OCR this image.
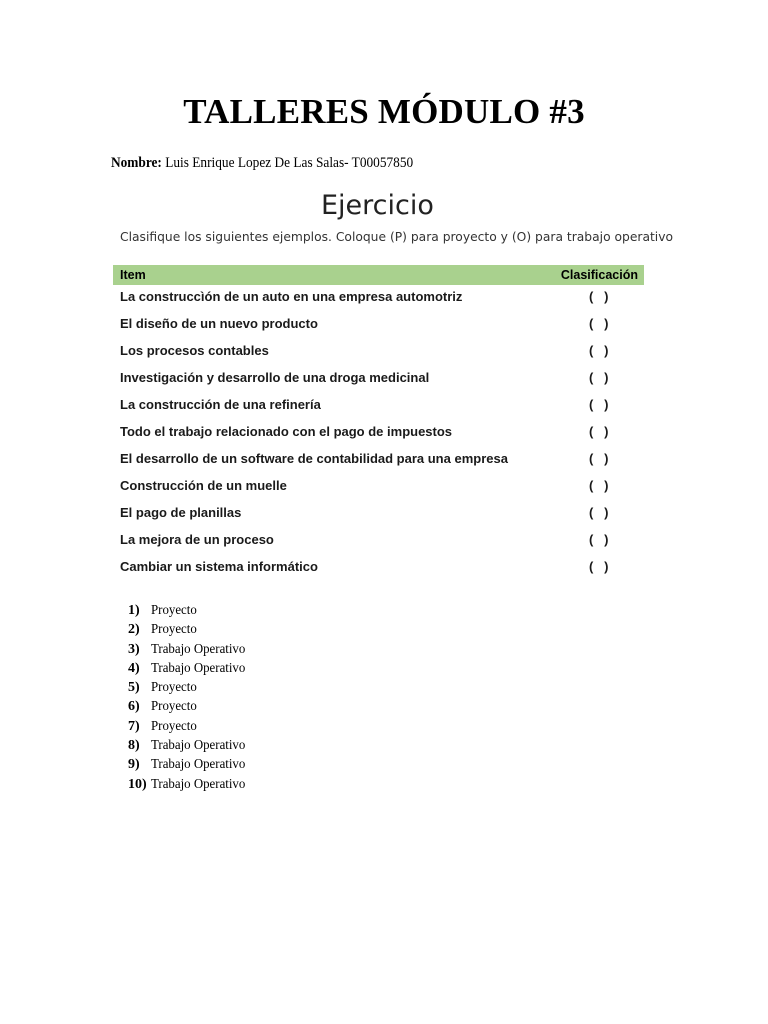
TALLERES MÓDULO #3
Nombre: Luis Enrique Lopez De Las Salas- T00057850
Ejercicio
Clasifique los siguientes ejemplos. Coloque (P) para proyecto y (O) para trabajo operativo
Item	Clasificación
La construccìón de un auto en una empresa automotriz	(   )
El diseño de un nuevo producto	(   )
Los procesos contables	(   )
Investigación y desarrollo de una droga medicinal	(   )
La construcción de una refinería	(   )
Todo el trabajo relacionado con el pago de impuestos	(   )
El desarrollo de un software de contabilidad para una empresa	(   )
Construcción de un muelle	(   )
El pago de planillas	(   )
La mejora de un proceso	(   )
Cambiar un sistema informático	(   )
1) Proyecto
2) Proyecto
3) Trabajo Operativo
4) Trabajo Operativo
5) Proyecto
6) Proyecto
7) Proyecto
8) Trabajo Operativo
9) Trabajo Operativo
10) Trabajo Operativo
